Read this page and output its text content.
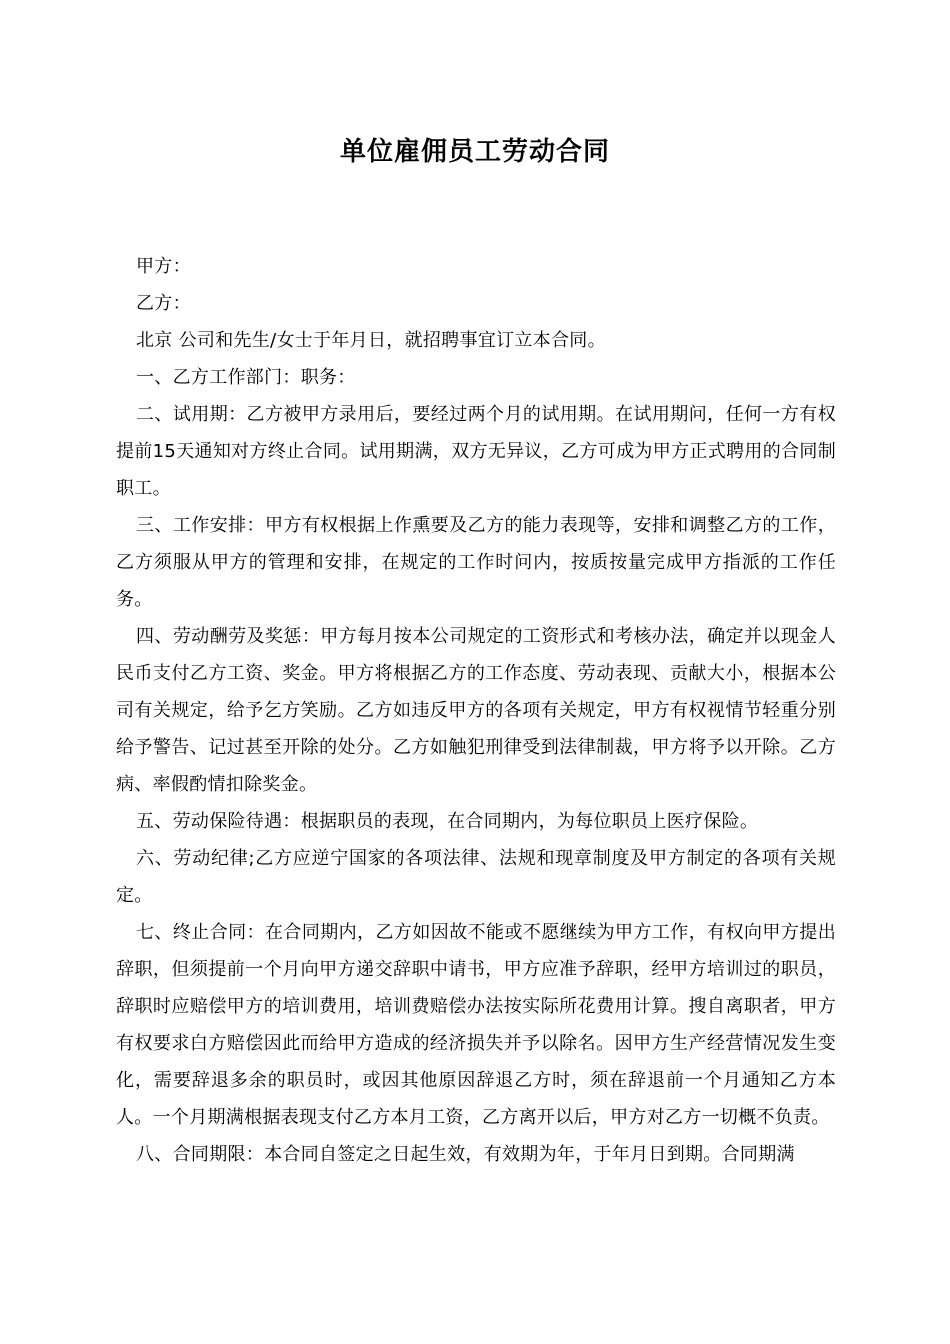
单位雇佣员工劳动合同

甲方：

乙方：

北京 公司和先生/女士于年月日，就招聘事宜订立本合同。

一、乙方工作部门：职务：

二、试用期：乙方被甲方录用后，要经过两个月的试用期。在试用期问，任何一方有权提前15天通知对方终止合同。试用期满，双方无异议，乙方可成为甲方正式聘用的合同制职工。

三、工作安排：甲方有权根据上作熏要及乙方的能力表现等，安排和调整乙方的工作，乙方须服从甲方的管理和安排，在规定的工作时问内，按质按量完成甲方指派的工作任务。

四、劳动酬劳及奖惩：甲方每月按本公司规定的工资形式和考核办法，确定并以现金人民币支付乙方工资、奖金。甲方将根据乙方的工作态度、劳动表现、贡献大小，根据本公司有关规定，给予乞方笑励。乙方如违反甲方的各项有关规定，甲方有权视情节轻重分别给予警告、记过甚至开除的处分。乙方如触犯刑律受到法律制裁，甲方将予以开除。乙方病、率假酌情扣除奖金。

五、劳动保险待遇：根据职员的表现，在合同期内，为每位职员上医疗保险。

六、劳动纪律;乙方应逆宁国家的各项法律、法规和现章制度及甲方制定的各项有关规定。

七、终止合同：在合同期内，乙方如因故不能或不愿继续为甲方工作，有权向甲方提出辞职，但须提前一个月向甲方递交辞职中请书，甲方应准予辞职，经甲方培训过的职员，辞职时应赔偿甲方的培训费用，培训费赔偿办法按实际所花费用计算。搜自离职者，甲方有权要求白方赔偿因此而给甲方造成的经济损失并予以除名。因甲方生产经营情况发生变化，需要辞退多余的职员时，或因其他原因辞退乙方时，须在辞退前一个月通知乙方本人。一个月期满根据表现支付乙方本月工资，乙方离开以后，甲方对乙方一切概不负责。

八、合同期限：本合同自签定之日起生效，有效期为年，于年月日到期。合同期满
